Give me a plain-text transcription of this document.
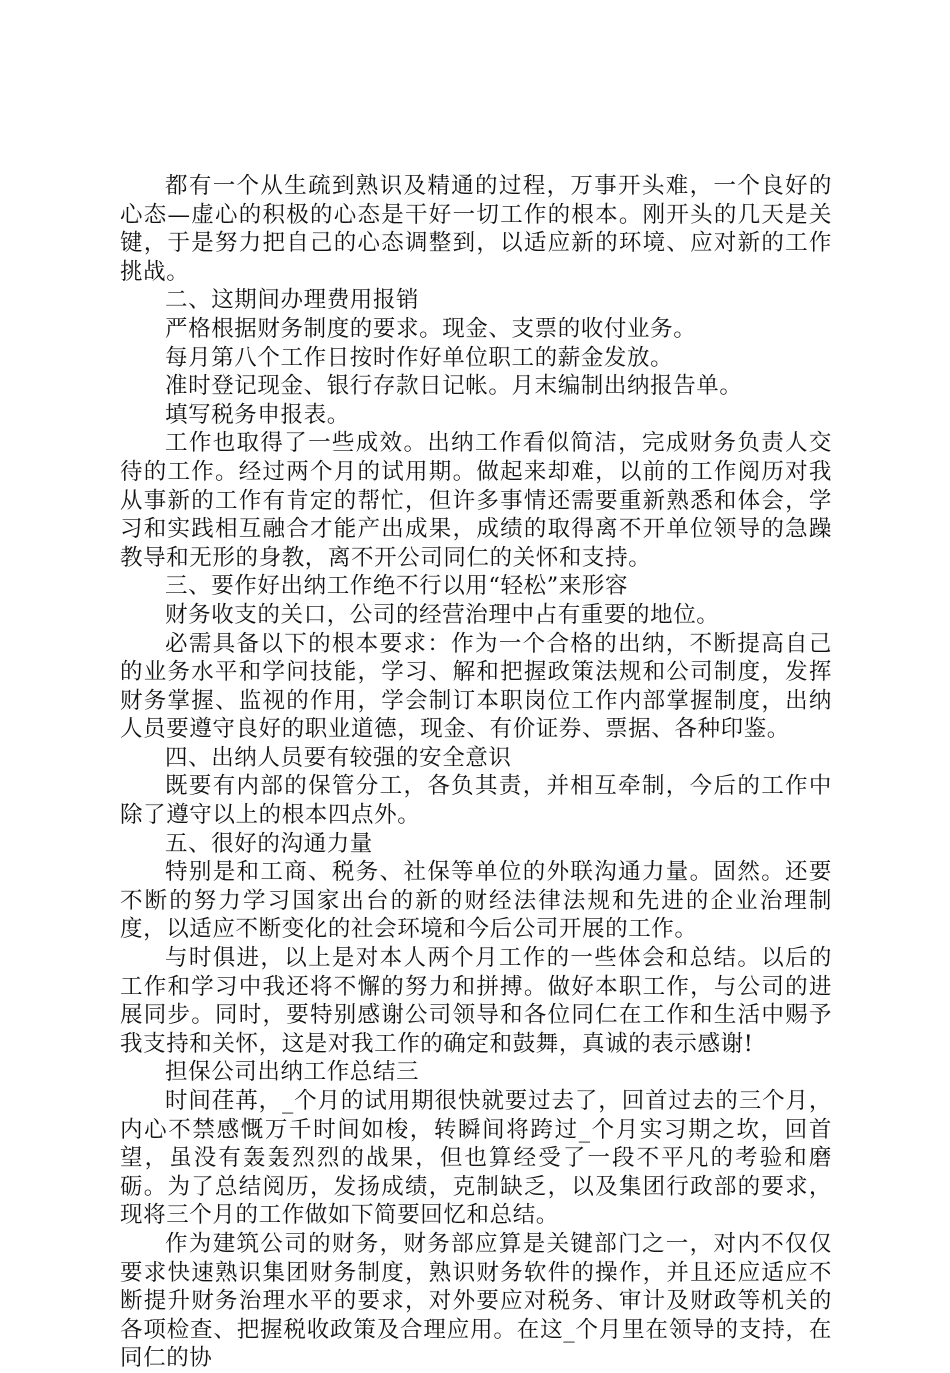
都有一个从生疏到熟识及精通的过程，万事开头难，一个良好的心态—虚心的积极的心态是干好一切工作的根本。刚开头的几天是关键，于是努力把自己的心态调整到，以适应新的环境、应对新的工作挑战。

二、这期间办理费用报销

严格根据财务制度的要求。现金、支票的收付业务。

每月第八个工作日按时作好单位职工的薪金发放。

准时登记现金、银行存款日记帐。月末编制出纳报告单。

填写税务申报表。

工作也取得了一些成效。出纳工作看似简洁，完成财务负责人交待的工作。经过两个月的试用期。做起来却难，以前的工作阅历对我从事新的工作有肯定的帮忙，但许多事情还需要重新熟悉和体会，学习和实践相互融合才能产出成果，成绩的取得离不开单位领导的急躁教导和无形的身教，离不开公司同仁的关怀和支持。

三、要作好出纳工作绝不行以用“轻松”来形容

财务收支的关口，公司的经营治理中占有重要的地位。

必需具备以下的根本要求：作为一个合格的出纳，不断提高自己的业务水平和学问技能，学习、解和把握政策法规和公司制度，发挥财务掌握、监视的作用，学会制订本职岗位工作内部掌握制度，出纳人员要遵守良好的职业道德，现金、有价证券、票据、各种印鉴。

四、出纳人员要有较强的安全意识

既要有内部的保管分工，各负其责，并相互牵制，今后的工作中除了遵守以上的根本四点外。

五、很好的沟通力量

特别是和工商、税务、社保等单位的外联沟通力量。固然。还要不断的努力学习国家出台的新的财经法律法规和先进的企业治理制度，以适应不断变化的社会环境和今后公司开展的工作。

与时俱进，以上是对本人两个月工作的一些体会和总结。以后的工作和学习中我还将不懈的努力和拼搏。做好本职工作，与公司的进展同步。同时，要特别感谢公司领导和各位同仁在工作和生活中赐予我支持和关怀，这是对我工作的确定和鼓舞，真诚的表示感谢!

担保公司出纳工作总结三

时间荏苒，_个月的试用期很快就要过去了，回首过去的三个月，内心不禁感慨万千时间如梭，转瞬间将跨过_个月实习期之坎，回首望，虽没有轰轰烈烈的战果，但也算经受了一段不平凡的考验和磨砺。为了总结阅历，发扬成绩，克制缺乏，以及集团行政部的要求，现将三个月的工作做如下简要回忆和总结。

作为建筑公司的财务，财务部应算是关键部门之一，对内不仅仅要求快速熟识集团财务制度，熟识财务软件的操作，并且还应适应不断提升财务治理水平的要求，对外要应对税务、审计及财政等机关的各项检查、把握税收政策及合理应用。在这_个月里在领导的支持，在同仁的协
